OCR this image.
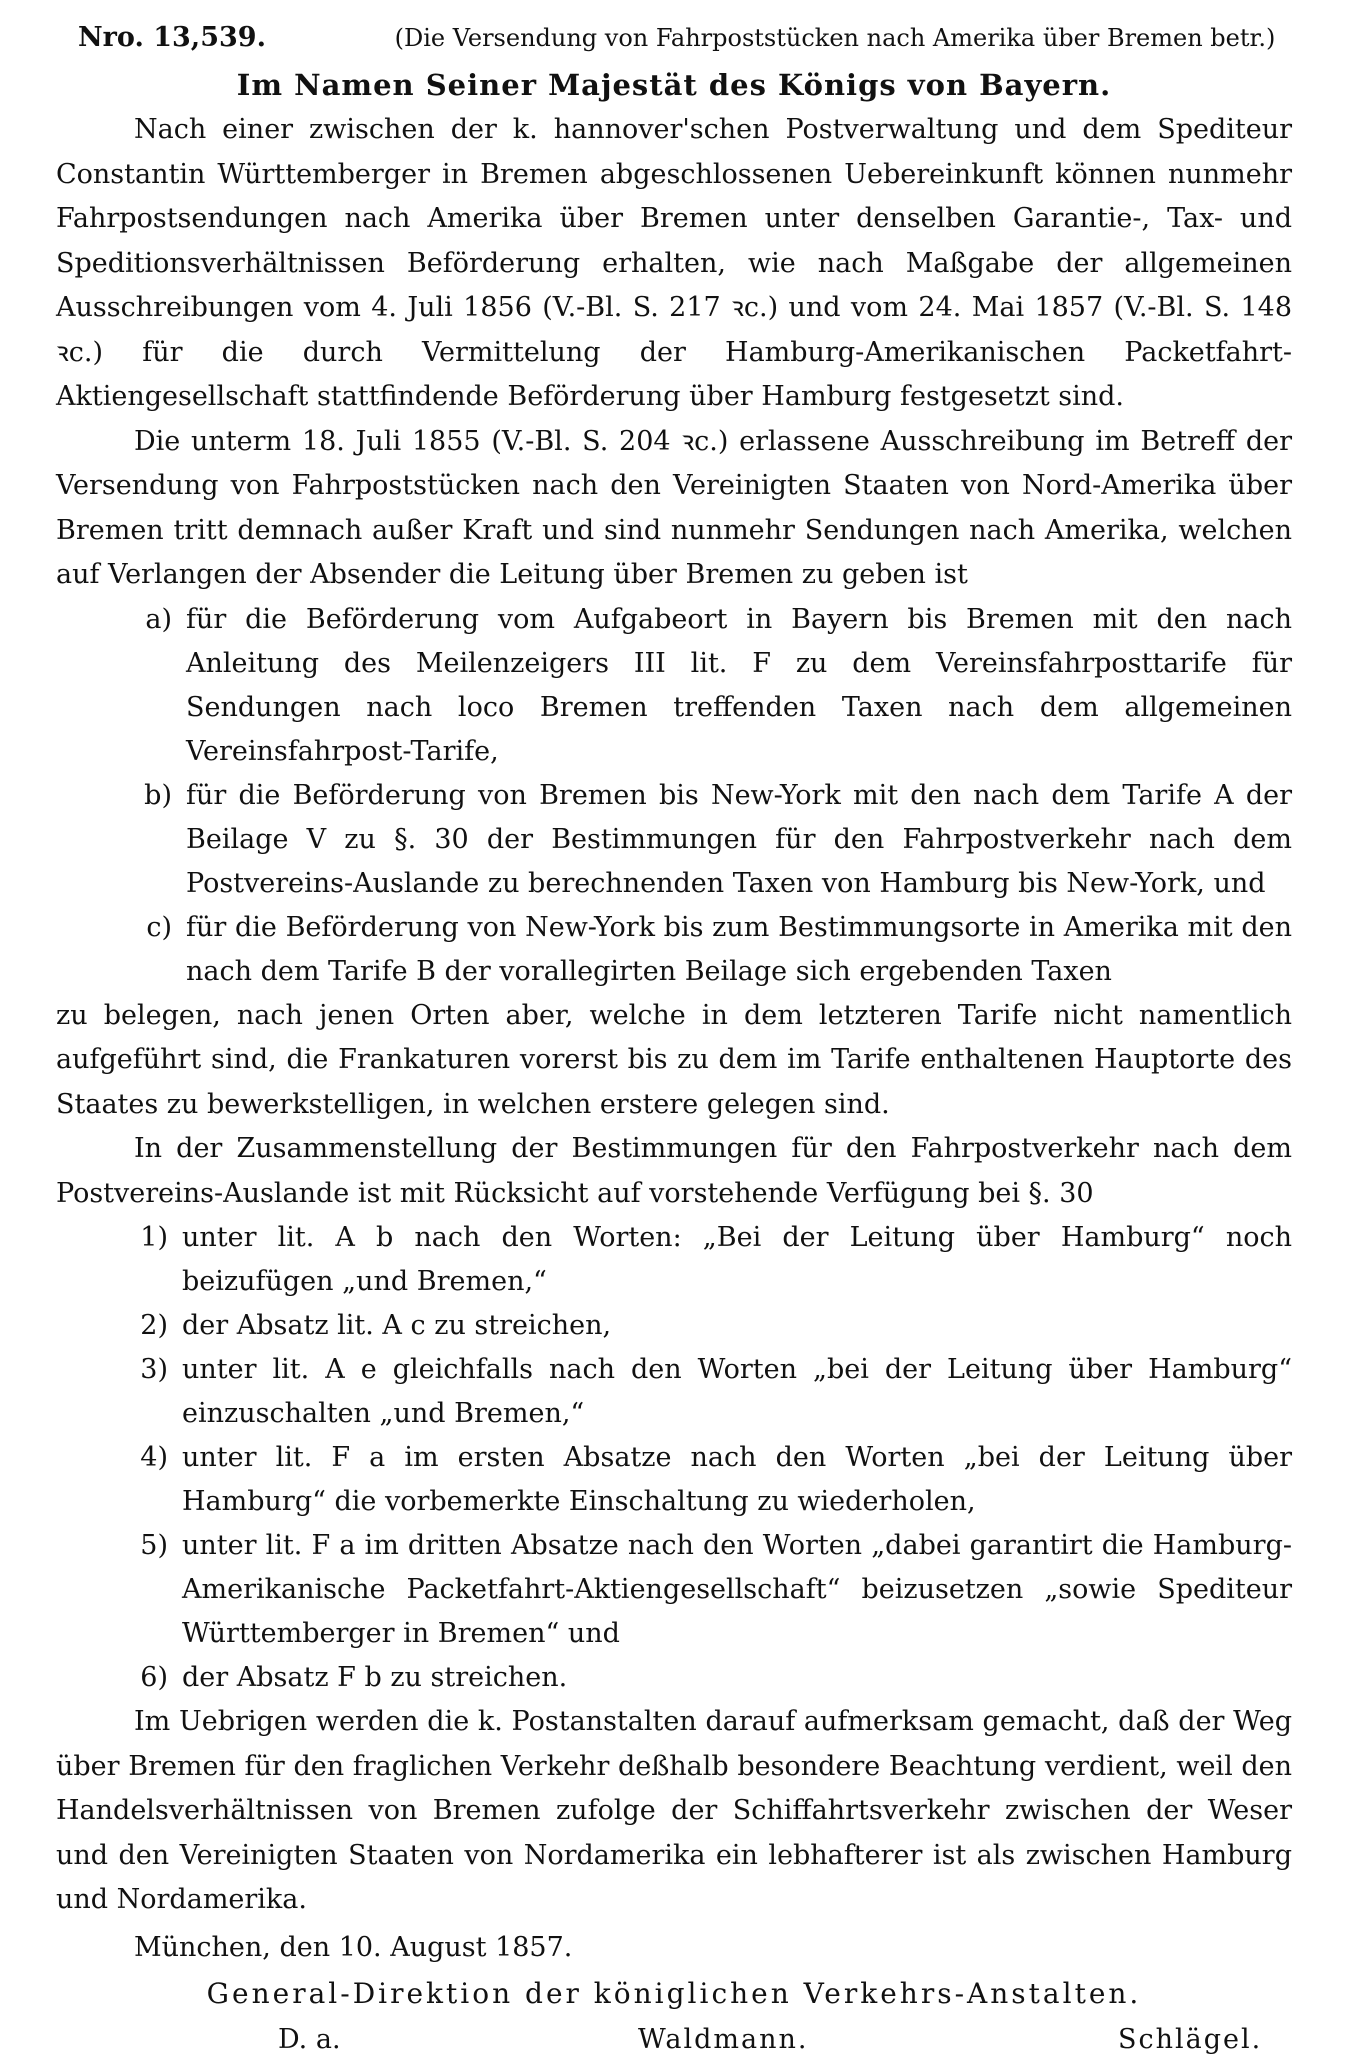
Nro. 13,539.	(Die Versendung von Fahrpoststücken nach Amerika über Bremen betr.)
Im Namen Seiner Majestät des Königs von Bayern.

Nach einer zwischen der k. hannover'schen Postverwaltung und dem Spediteur Constantin Württemberger in Bremen abgeschlossenen Uebereinkunft können nunmehr Fahrpostsendungen nach Amerika über Bremen unter denselben Garantie-, Tax- und Speditionsverhältnissen Beförderung erhalten, wie nach Maßgabe der allgemeinen Ausschreibungen vom 4. Juli 1856 (V.-Bl. S. 217 ꝛc.) und vom 24. Mai 1857 (V.-Bl. S. 148 ꝛc.) für die durch Vermittelung der Hamburg-Amerikanischen Packetfahrt-Aktiengesellschaft stattfindende Beförderung über Hamburg festgesetzt sind.

Die unterm 18. Juli 1855 (V.-Bl. S. 204 ꝛc.) erlassene Ausschreibung im Betreff der Versendung von Fahrpoststücken nach den Vereinigten Staaten von Nord-Amerika über Bremen tritt demnach außer Kraft und sind nunmehr Sendungen nach Amerika, welchen auf Verlangen der Absender die Leitung über Bremen zu geben ist

a) für die Beförderung vom Aufgabeort in Bayern bis Bremen mit den nach Anleitung des Meilenzeigers III lit. F zu dem Vereinsfahrposttarife für Sendungen nach loco Bremen treffenden Taxen nach dem allgemeinen Vereinsfahrpost-Tarife,
b) für die Beförderung von Bremen bis New-York mit den nach dem Tarife A der Beilage V zu §. 30 der Bestimmungen für den Fahrpostverkehr nach dem Postvereins-Auslande zu berechnenden Taxen von Hamburg bis New-York, und
c) für die Beförderung von New-York bis zum Bestimmungsorte in Amerika mit den nach dem Tarife B der vorallegirten Beilage sich ergebenden Taxen

zu belegen, nach jenen Orten aber, welche in dem letzteren Tarife nicht namentlich aufgeführt sind, die Frankaturen vorerst bis zu dem im Tarife enthaltenen Hauptorte des Staates zu bewerkstelligen, in welchen erstere gelegen sind.

In der Zusammenstellung der Bestimmungen für den Fahrpostverkehr nach dem Postvereins-Auslande ist mit Rücksicht auf vorstehende Verfügung bei §. 30

1) unter lit. A b nach den Worten: „Bei der Leitung über Hamburg“ noch beizufügen „und Bremen,“
2) der Absatz lit. A c zu streichen,
3) unter lit. A e gleichfalls nach den Worten „bei der Leitung über Hamburg“ einzuschalten „und Bremen,“
4) unter lit. F a im ersten Absatze nach den Worten „bei der Leitung über Hamburg“ die vorbemerkte Einschaltung zu wiederholen,
5) unter lit. F a im dritten Absatze nach den Worten „dabei garantirt die Hamburg-Amerikanische Packetfahrt-Aktiengesellschaft“ beizusetzen „sowie Spediteur Württemberger in Bremen“ und
6) der Absatz F b zu streichen.

Im Uebrigen werden die k. Postanstalten darauf aufmerksam gemacht, daß der Weg über Bremen für den fraglichen Verkehr deßhalb besondere Beachtung verdient, weil den Handelsverhältnissen von Bremen zufolge der Schiffahrtsverkehr zwischen der Weser und den Vereinigten Staaten von Nordamerika ein lebhafterer ist als zwischen Hamburg und Nordamerika.

München, den 10. August 1857.
General-Direktion der königlichen Verkehrs-Anstalten.
D. a.	Waldmann.	Schlägel.
